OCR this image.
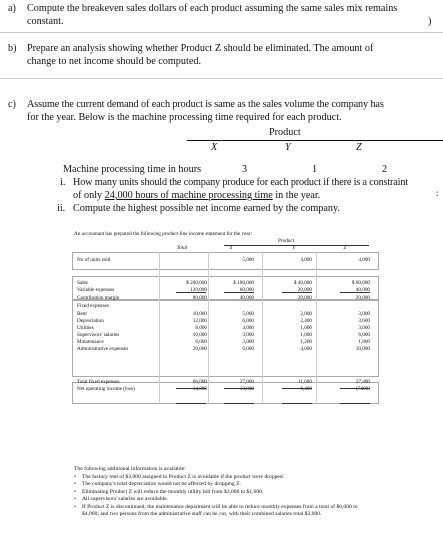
a) Compute the breakeven sales dollars of each product assuming the same sales mix remains
constant.	)
b) Prepare an analysis showing whether Product Z should be eliminated. The amount of
change to net income should be computed.
c) Assume the current demand of each product is same as the sales volume the company has
for the year. Below is the machine processing time required for each product.
Product
X	Y	Z
Machine processing time in hours	3	1	2
i. How many units should the company produce for each product if there is a constraint
of only 24,000 hours of machine processing time in the year.
ii. Compute the highest possible net income earned by the company.
:
An accountant has prepared the following product-line income statement for the year:
Product
Total	X	Y	Z
No of units sold	5,000	4,000	4,000
Sales	$ 200,000	$ 100,000	$ 40,000	$ 60,000
Variable expenses	120,000	60,000	20,000	40,000
Contribution margin	80,000	40,000	20,000	20,000
Fixed expenses
Rent	10,000	5,000	2,000	3,000
Depreciation	12,000	6,000	2,400	3,600
Utilities	8,000	4,000	1,000	3,000
Supervisors' salaries	10,000	3,000	1,000	6,000
Maintenance	6,000	3,000	1,200	1,800
Administrative expenses	20,000	6,000	4,000	10,000
Total fixed expenses	66,000	27,000	11,600	27,400
Net operating income (loss)	14,000	13,000	8,400	(7400)
The following additional information is available:
• The factory rent of $3,000 assigned to Product Z is avoidable if the product were dropped.
• The company's total depreciation would not be affected by dropping Z.
• Eliminating Product Z will reduce the monthly utility bill from $3,000 to $1,600.
• All supervisors' salaries are avoidable.
• If Product Z is discontinued, the maintenance department will be able to reduce monthly expenses from a total of $6,000 to $4,000; and two persons from the administrative staff can be cut, with their combined salaries total $3,000.
